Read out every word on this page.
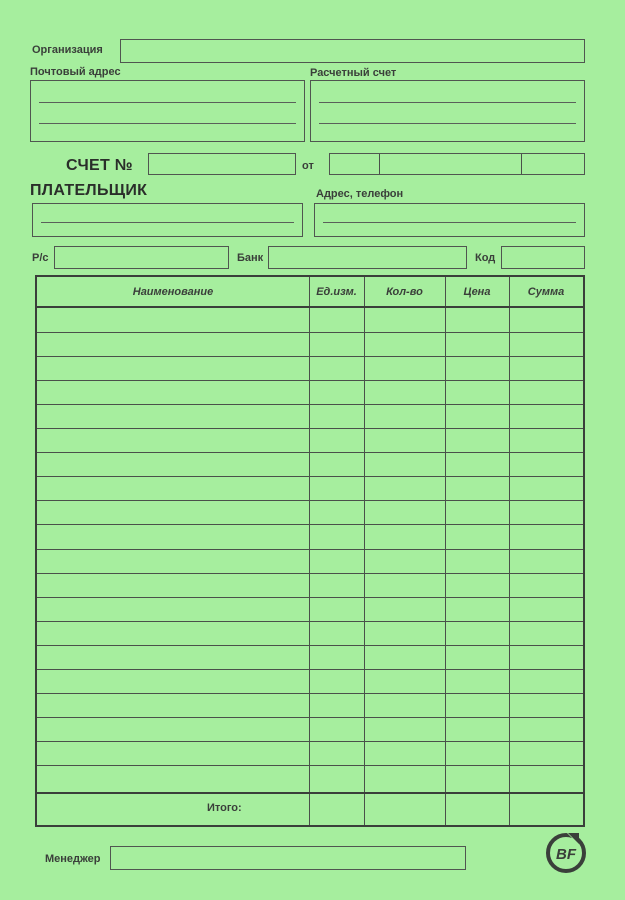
Организация
Почтовый адрес	Расчетный счет
СЧЕТ №	от
ПЛАТЕЛЬЩИК	Адрес, телефон
Р/с	Банк	Код
Наименование	Ед.изм.	Кол-во	Цена	Сумма
Итого:
Менеджер	BF
